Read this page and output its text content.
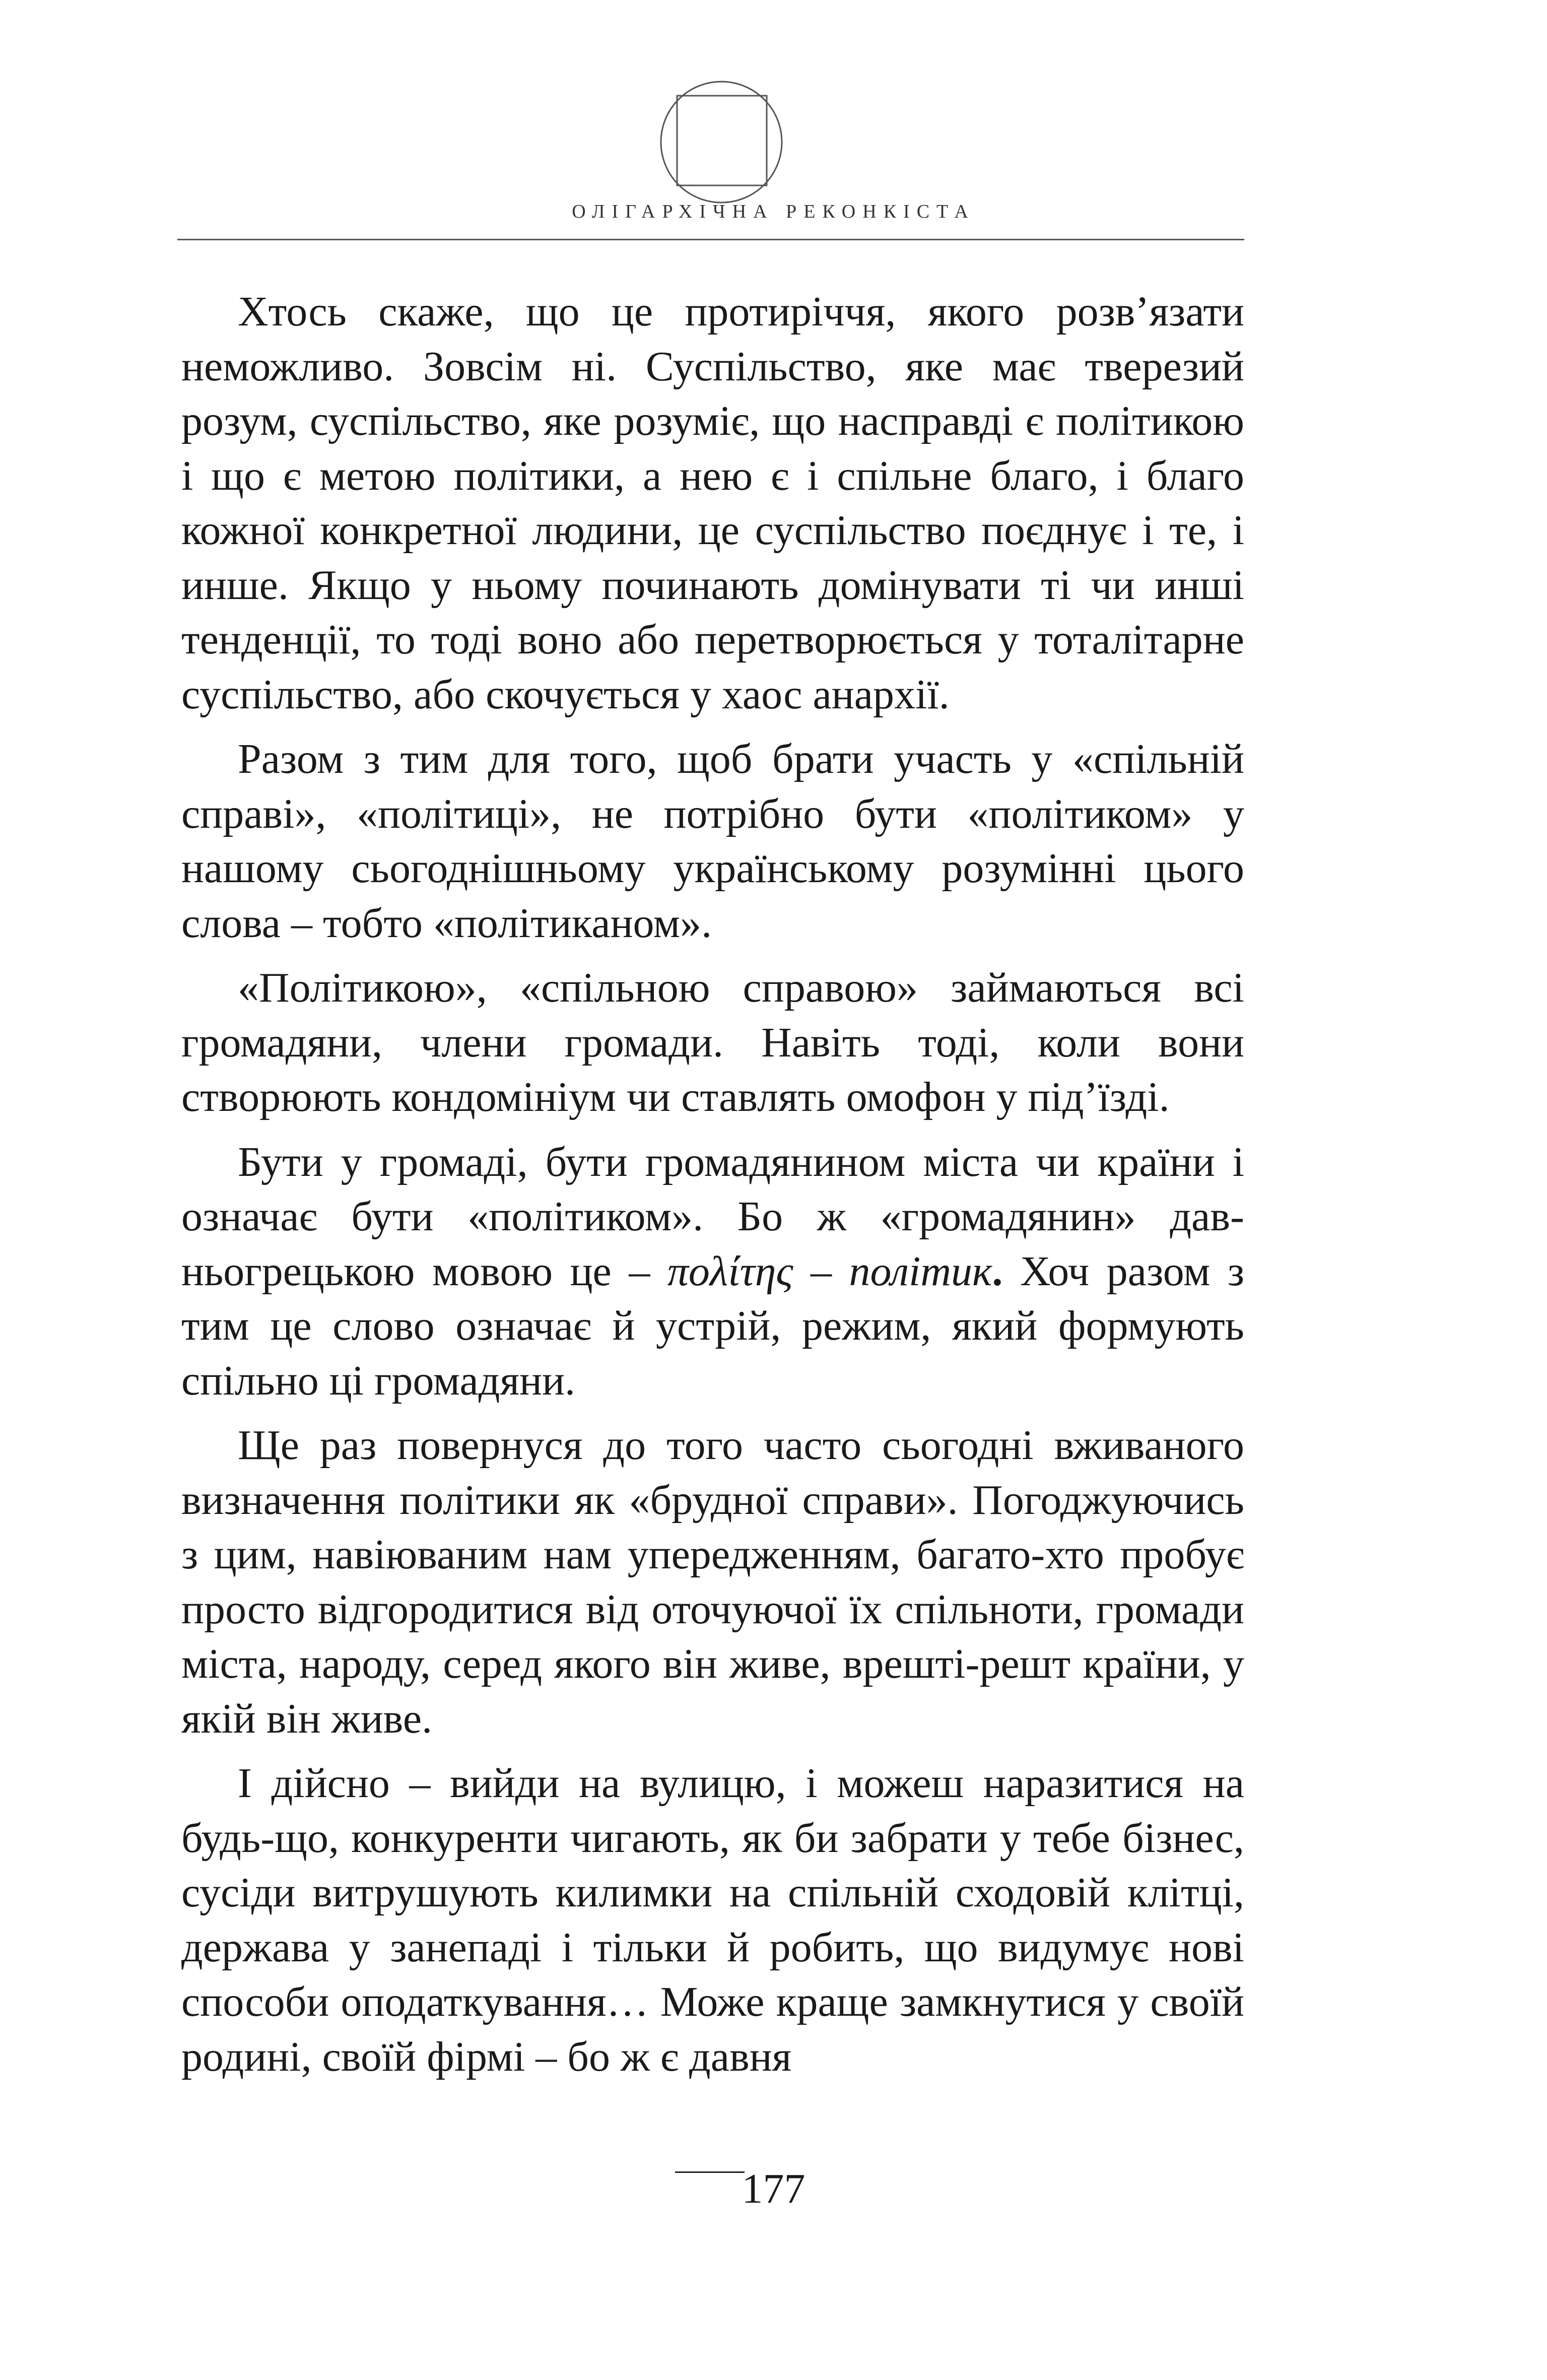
ОЛІГАРХІЧНА РЕКОНКІСТА

Хтось скаже, що це протиріччя, якого розв’язати неможливо. Зовсім ні. Суспільство, яке має тверезий розум, суспільство, яке розуміє, що насправді є політикою і що є метою політики, а нею є і спільне благо, і благо кожної конкретної людини, це суспільство поєднує і те, і инше. Якщо у ньому починають домінувати ті чи инші тенденції, то тоді воно або перетворюється у тоталітарне суспільство, або скочується у хаос анархії.

Разом з тим для того, щоб брати участь у «спільній справі», «політиці», не потрібно бути «політиком» у нашому сьогоднішньому українському розумінні цього слова – тобто «політиканом».

«Політикою», «спільною справою» займаються всі громадяни, члени громади. Навіть тоді, коли вони створюють кондомініум чи ставлять омофон у під’їзді.

Бути у громаді, бути громадянином міста чи країни і означає бути «політиком». Бо ж «громадянин» давньогрецькою мовою це – πολίτης – політик. Хоч разом з тим це слово означає й устрій, режим, який формують спільно ці громадяни.

Ще раз повернуся до того часто сьогодні вживаного визначення політики як «брудної справи». Погоджуючись з цим, навіюваним нам упередженням, багато-хто пробує просто відгородитися від оточуючої їх спільноти, громади міста, народу, серед якого він живе, врешті-решт країни, у якій він живе.

І дійсно – вийди на вулицю, і можеш наразитися на будь-що, конкуренти чигають, як би забрати у тебе бізнес, сусіди витрушують килимки на спільній сходовій клітці, держава у занепаді і тільки й робить, що видумує нові способи оподаткування… Може краще замкнутися у своїй родині, своїй фірмі – бо ж є давня

177
